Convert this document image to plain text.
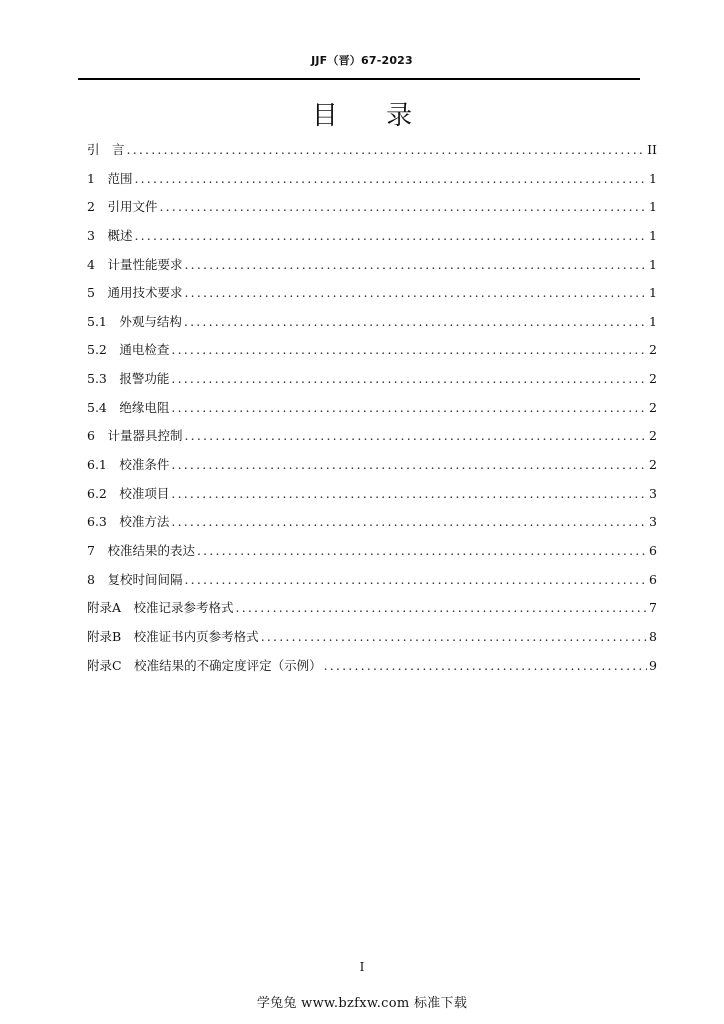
JJF（晋）67-2023
目 录
引　言 .....	II
1　范围 .....	1
2　引用文件 .....	1
3　概述 .....	1
4　计量性能要求 .....	1
5　通用技术要求 .....	1
5.1　外观与结构 .....	1
5.2　通电检查 .....	2
5.3　报警功能 .....	2
5.4　绝缘电阻 .....	2
6　计量器具控制 .....	2
6.1　校准条件 .....	2
6.2　校准项目 .....	3
6.3　校准方法 .....	3
7　校准结果的表达 .....	6
8　复校时间间隔 .....	6
附录A　校准记录参考格式 .....	7
附录B　校准证书内页参考格式 .....	8
附录C　校准结果的不确定度评定（示例） .....	9
I
学兔兔 www.bzfxw.com 标准下载
